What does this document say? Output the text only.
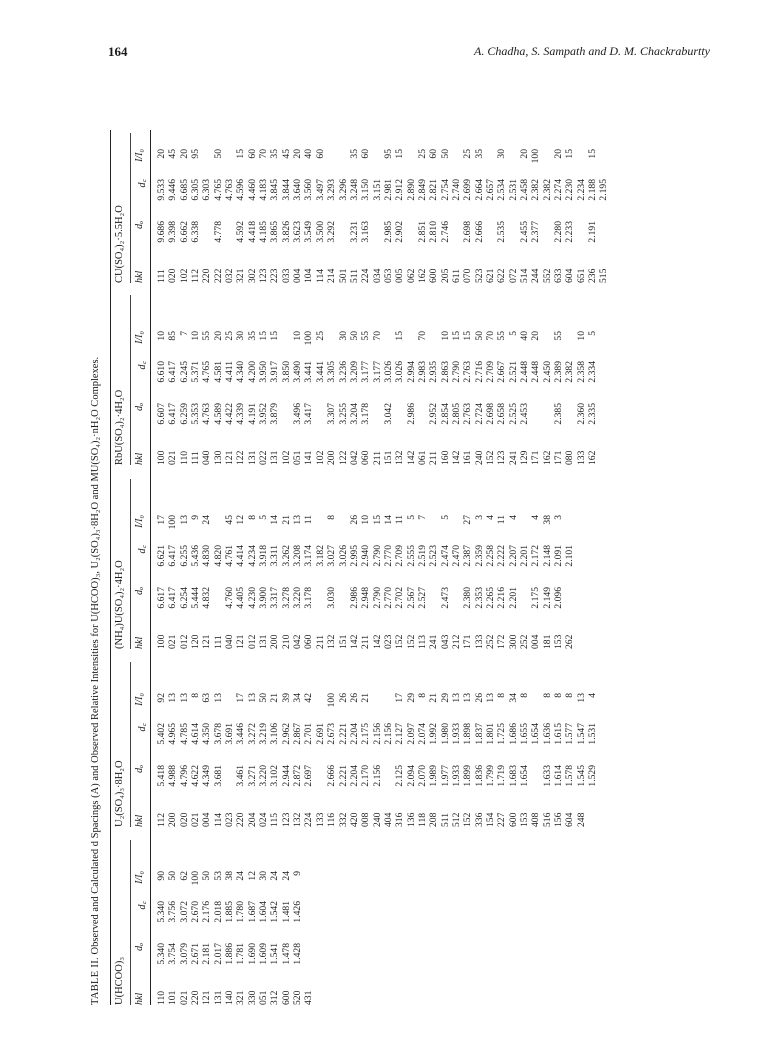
164	A. Chadha, S. Sampath and D. M. Chackraburtty
TABLE II. Observed and Calculated d Spacings (A) and Observed Relative Intensities for U(HCOO)₃, U₂(SO₄)₃·8H₂O and MU(SO₄)₂·nH₂O Complexes.
U(HCOO)₃ hkl 110 101 021 220 121 131 140 321 330 051 312 600 520 431
dₒ 5.340 3.754 3.079 2.671 2.181 2.017 1.886 1.781 1.690 1.609 1.541 1.478 1.428
d꜀ 5.340 3.756 3.072 2.670 2.176 2.018 1.885 1.780 1.687 1.604 1.542 1.481 1.426
I/I₀ 90 50 62 100 50 53 38 24 12 30 24 24 9
U₂(SO₄)₃·8H₂O hkl 112 200 020 021 004 114 023 220 204 024 115 123 132 224 133 116 332 420 008 240 404 316 136 118 208 511 512 152 336 154 227 600 153 408 516 156 604 248
dₒ 5.418 4.988 4.796 4.622 4.349 3.681 3.461 3.271 3.220 3.102 2.944 2.872 2.697 2.666 2.221 2.204 2.170 2.156 2.125 2.094 2.070 1.989 1.977 1.933 1.899 1.836 1.799 1.719 1.683 1.654 1.633 1.614 1.578 1.545 1.529
d꜀ 5.402 4.965 4.785 4.614 4.350 3.678 3.691 3.446 3.272 3.219 3.106 2.962 2.867 2.701 2.691 2.673 2.221 2.204 2.175 2.156 2.156 2.127 2.097 2.074 1.992 1.980 1.933 1.898 1.837 1.801 1.725 1.686 1.655 1.654 1.636 1.615 1.577 1.547 1.531
I/I₀ 92 13 13 8 63 13 17 13 50 21 39 34 42 100 26 26 21 17 29 8 21 29 13 13 26 13 8 34 8 8 8 8 13 4
(NH₄)U(SO₄)₂·4H₂O hkl 100 021 012 120 121 111 040 121 012 131 200 210 042 060 211 132 151 142 211 142 023 152 152 113 241 043 212 171 133 252 172 300 252 004 181 153 262
dₒ 6.617 6.417 6.254 5.444 4.832 4.760 4.405 4.230 3.900 3.317 3.278 3.220 3.178 3.030 2.986 2.948 2.790 2.770 2.702 2.567 2.527 2.473 2.380 2.353 2.265 2.216 2.201 2.175 2.149 2.096
d꜀ 6.621 6.417 6.255 5.436 4.830 4.820 4.761 4.414 4.234 3.918 3.311 3.262 3.208 3.174 3.182 3.027 3.026 2.995 2.940 2.790 2.770 2.709 2.555 2.519 2.523 2.474 2.470 2.387 2.359 2.258 2.222 2.207 2.201 2.172 2.148 2.091 2.101
I/I₀ 17 100 13 9 24 45 12 8 5 14 21 13 11 8 26 10 15 14 11 5 7 5 27 3 4 11 4 4 38 3
RbU(SO₄)₂·4H₂O hkl 100 021 110 111 040 130 121 122 131 022 131 102 051 141 102 200 122 042 060 211 151 132 142 061 211 160 142 161 240 152 123 241 129 171 162 171 080 133 162
dₒ 6.607 6.417 6.259 5.353 4.763 4.589 4.422 4.339 4.191 3.952 3.879 3.496 3.417 3.307 3.255 3.204 3.178 3.042 2.986 2.952 2.854 2.805 2.763 2.724 2.698 2.658 2.525 2.453 2.385 2.360 2.335
d꜀ 6.610 6.417 6.245 5.371 4.765 4.581 4.411 4.340 4.200 3.950 3.917 3.850 3.490 3.441 3.441 3.305 3.236 3.209 3.177 3.177 3.026 3.026 2.994 2.983 2.935 2.863 2.790 2.763 2.716 2.709 2.667 2.521 2.448 2.448 2.450 2.389 2.382 2.358 2.334
I/I₀ 10 85 7 10 55 20 25 30 35 15 15 10 100 25 30 50 55 70 15 70 10 15 15 50 70 55 5 40 20 55 10 5
CU(SO₄)₂·5.5H₂O hkl 111 020 102 112 220 222 032 321 302 123 223 033 004 104 114 214 501 511 224 034 053 005 062 162 600 205 611 070 523 621 622 072 514 244 552 633 604 651 236 515
dₒ 9.686 9.398 6.662 6.338 4.778 4.592 4.418 4.185 3.865 3.826 3.623 3.549 3.500 3.292 3.231 3.163 2.985 2.902 2.851 2.810 2.746 2.698 2.666 2.535 2.455 2.377 2.280 2.233 2.191
d꜀ 9.533 9.446 6.685 6.305 6.303 4.765 4.763 4.596 4.460 4.183 3.845 3.844 3.640 3.560 3.497 3.293 3.296 3.248 3.150 3.151 2.981 2.912 2.890 2.849 2.821 2.754 2.740 2.699 2.664 2.657 2.534 2.531 2.458 2.382 2.382 2.274 2.230 2.234 2.188 2.195
I/I₀ 20 45 20 95 50 15 60 70 35 45 20 40 60 35 60 95 15 25 60 50 25 35 30 20 100 20 15 15
